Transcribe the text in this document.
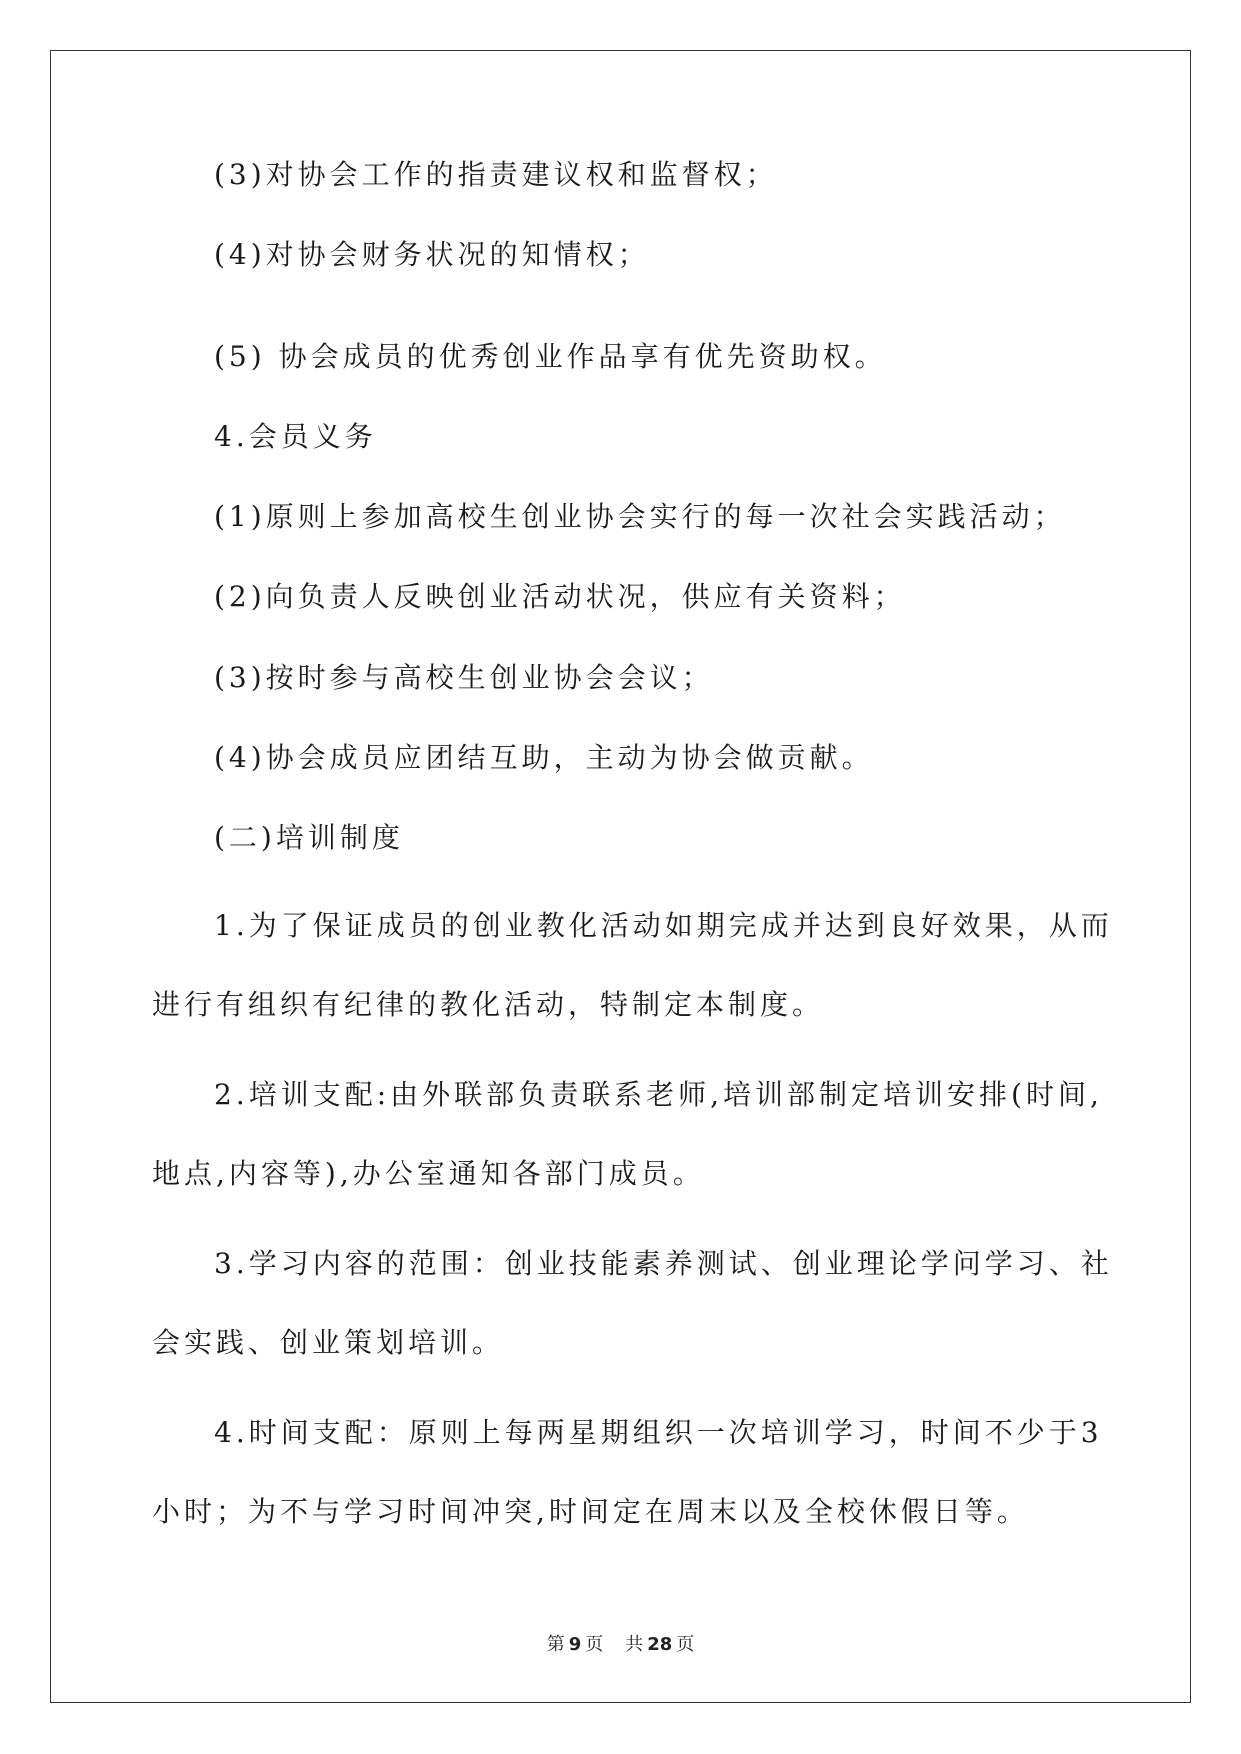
(3)对协会工作的指责建议权和监督权；
(4)对协会财务状况的知情权；
(5) 协会成员的优秀创业作品享有优先资助权。
4.会员义务
(1)原则上参加高校生创业协会实行的每一次社会实践活动；
(2)向负责人反映创业活动状况，供应有关资料；
(3)按时参与高校生创业协会会议；
(4)协会成员应团结互助，主动为协会做贡献。
(二)培训制度
1.为了保证成员的创业教化活动如期完成并达到良好效果，从而
进行有组织有纪律的教化活动，特制定本制度。
2.培训支配:由外联部负责联系老师,培训部制定培训安排(时间,
地点,内容等),办公室通知各部门成员。
3.学习内容的范围：创业技能素养测试、创业理论学问学习、社
会实践、创业策划培训。
4.时间支配：原则上每两星期组织一次培训学习，时间不少于3
小时；为不与学习时间冲突,时间定在周末以及全校休假日等。
第 9 页 共 28 页
